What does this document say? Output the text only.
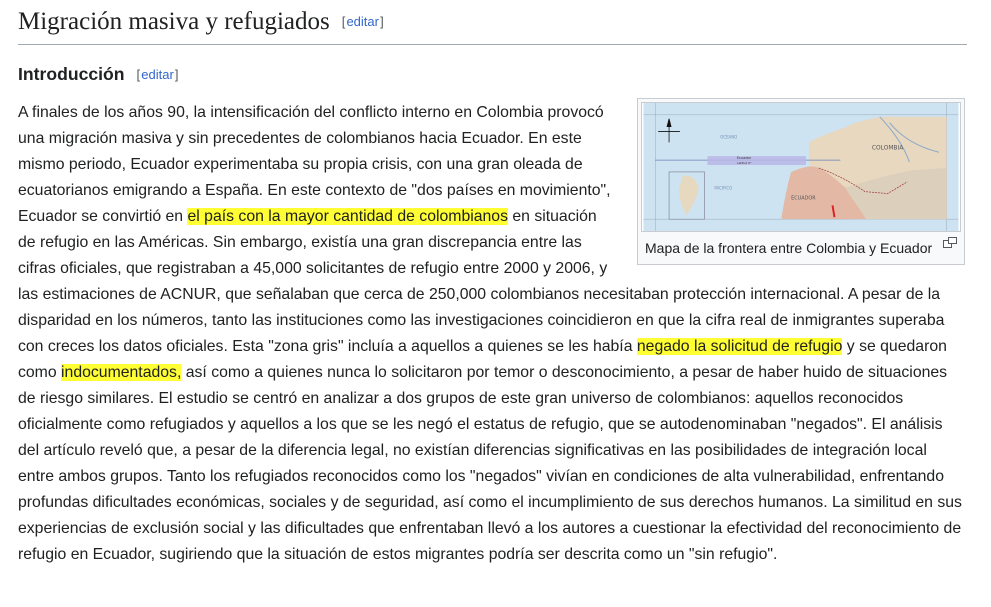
Migración masiva y refugiados [ editar ]
Introducción [ editar ]
Ecuador
Latitud 0°
OCEANO
PACIFICO
COLOMBIA
ECUADOR
Mapa de la frontera entre Colombia y Ecuador
A finales de los años 90, la intensificación del conflicto interno en Colombia provocó una migración masiva y sin precedentes de colombianos hacia Ecuador. En este mismo periodo, Ecuador experimentaba su propia crisis, con una gran oleada de ecuatorianos emigrando a España. En este contexto de "dos países en movimiento", Ecuador se convirtió en el país con la mayor cantidad de colombianos en situación de refugio en las Américas. Sin embargo, existía una gran discrepancia entre las cifras oficiales, que registraban a 45,000 solicitantes de refugio entre 2000 y 2006, y las estimaciones de ACNUR, que señalaban que cerca de 250,000 colombianos necesitaban protección internacional. A pesar de la disparidad en los números, tanto las instituciones como las investigaciones coincidieron en que la cifra real de inmigrantes superaba con creces los datos oficiales. Esta "zona gris" incluía a aquellos a quienes se les había negado la solicitud de refugio y se quedaron como indocumentados, así como a quienes nunca lo solicitaron por temor o desconocimiento, a pesar de haber huido de situaciones de riesgo similares. El estudio se centró en analizar a dos grupos de este gran universo de colombianos: aquellos reconocidos oficialmente como refugiados y aquellos a los que se les negó el estatus de refugio, que se autodenominaban "negados". El análisis del artículo reveló que, a pesar de la diferencia legal, no existían diferencias significativas en las posibilidades de integración local entre ambos grupos. Tanto los refugiados reconocidos como los "negados" vivían en condiciones de alta vulnerabilidad, enfrentando profundas dificultades económicas, sociales y de seguridad, así como el incumplimiento de sus derechos humanos. La similitud en sus experiencias de exclusión social y las dificultades que enfrentaban llevó a los autores a cuestionar la efectividad del reconocimiento de refugio en Ecuador, sugiriendo que la situación de estos migrantes podría ser descrita como un "sin refugio".
